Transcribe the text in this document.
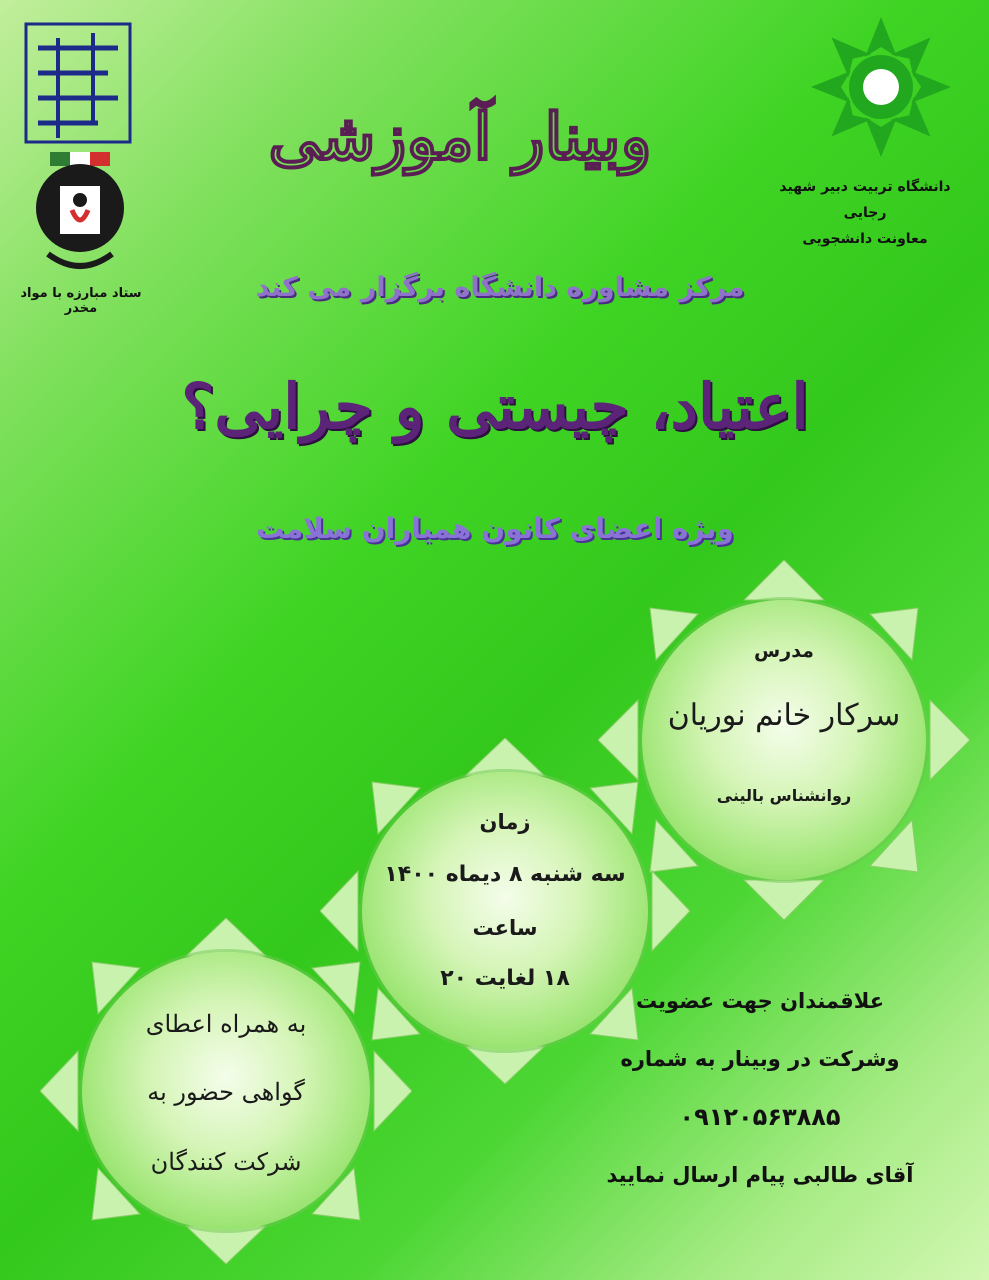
ستاد مبارزه با مواد مخدر
دانشگاه تربیت دبیر شهید رجایی
معاونت دانشجویی
وبینار آموزشی
مرکز مشاوره دانشگاه برگزار می کند
اعتیاد، چیستی و چرایی؟
ویژه اعضای کانون همیاران سلامت
مدرس
سرکار خانم نوریان
روانشناس بالینی
زمان
سه شنبه ۸ دیماه ۱۴۰۰
ساعت
۱۸ لغایت ۲۰
به همراه اعطای
گواهی حضور به
شرکت کنندگان
علاقمندان جهت عضویت
وشرکت در وبینار به شماره
۰۹۱۲۰۵۶۳۸۸۵
آقای طالبی پیام ارسال نمایید
